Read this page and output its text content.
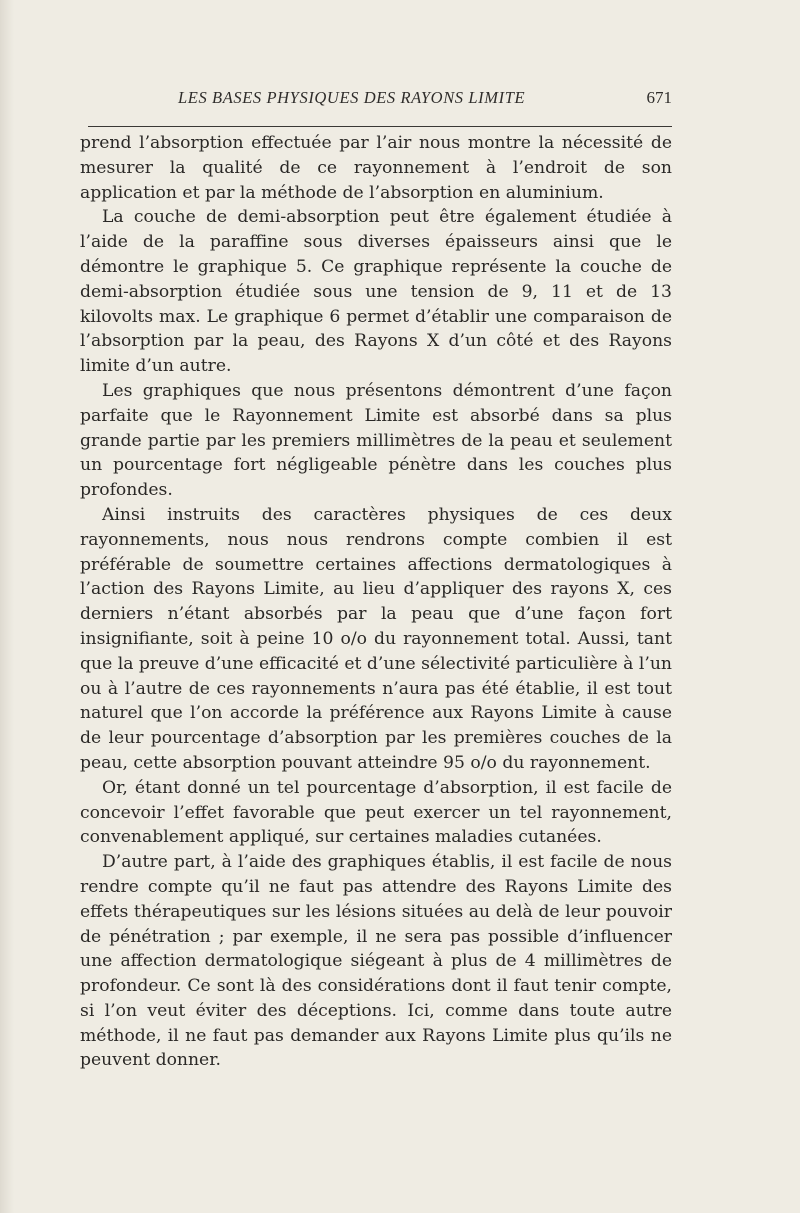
LES BASES PHYSIQUES DES RAYONS LIMITE	671

prend l’absorption effectuée par l’air nous montre la nécessité de mesurer la qualité de ce rayonnement à l’endroit de son application et par la méthode de l’absorption en aluminium.

La couche de demi-absorption peut être également étudiée à l’aide de la paraffine sous diverses épaisseurs ainsi que le démontre le graphique 5. Ce graphique représente la couche de demi-absorption étudiée sous une tension de 9, 11 et de 13 kilovolts max. Le graphique 6 permet d’établir une comparaison de l’absorption par la peau, des Rayons X d’un côté et des Rayons limite d’un autre.

Les graphiques que nous présentons démontrent d’une façon parfaite que le Rayonnement Limite est absorbé dans sa plus grande partie par les premiers millimètres de la peau et seulement un pourcentage fort négligeable pénètre dans les couches plus profondes.

Ainsi instruits des caractères physiques de ces deux rayonnements, nous nous rendrons compte combien il est préférable de soumettre certaines affections dermatologiques à l’action des Rayons Limite, au lieu d’appliquer des rayons X, ces derniers n’étant absorbés par la peau que d’une façon fort insignifiante, soit à peine 10 o/o du rayonnement total. Aussi, tant que la preuve d’une efficacité et d’une sélectivité particulière à l’un ou à l’autre de ces rayonnements n’aura pas été établie, il est tout naturel que l’on accorde la préférence aux Rayons Limite à cause de leur pourcentage d’absorption par les premières couches de la peau, cette absorption pouvant atteindre 95 o/o du rayonnement.

Or, étant donné un tel pourcentage d’absorption, il est facile de concevoir l’effet favorable que peut exercer un tel rayonnement, convenablement appliqué, sur certaines maladies cutanées.

D’autre part, à l’aide des graphiques établis, il est facile de nous rendre compte qu’il ne faut pas attendre des Rayons Limite des effets thérapeutiques sur les lésions situées au delà de leur pouvoir de pénétration ; par exemple, il ne sera pas possible d’influencer une affection dermatologique siégeant à plus de 4 millimètres de profondeur. Ce sont là des considérations dont il faut tenir compte, si l’on veut éviter des déceptions. Ici, comme dans toute autre méthode, il ne faut pas demander aux Rayons Limite plus qu’ils ne peuvent donner.
